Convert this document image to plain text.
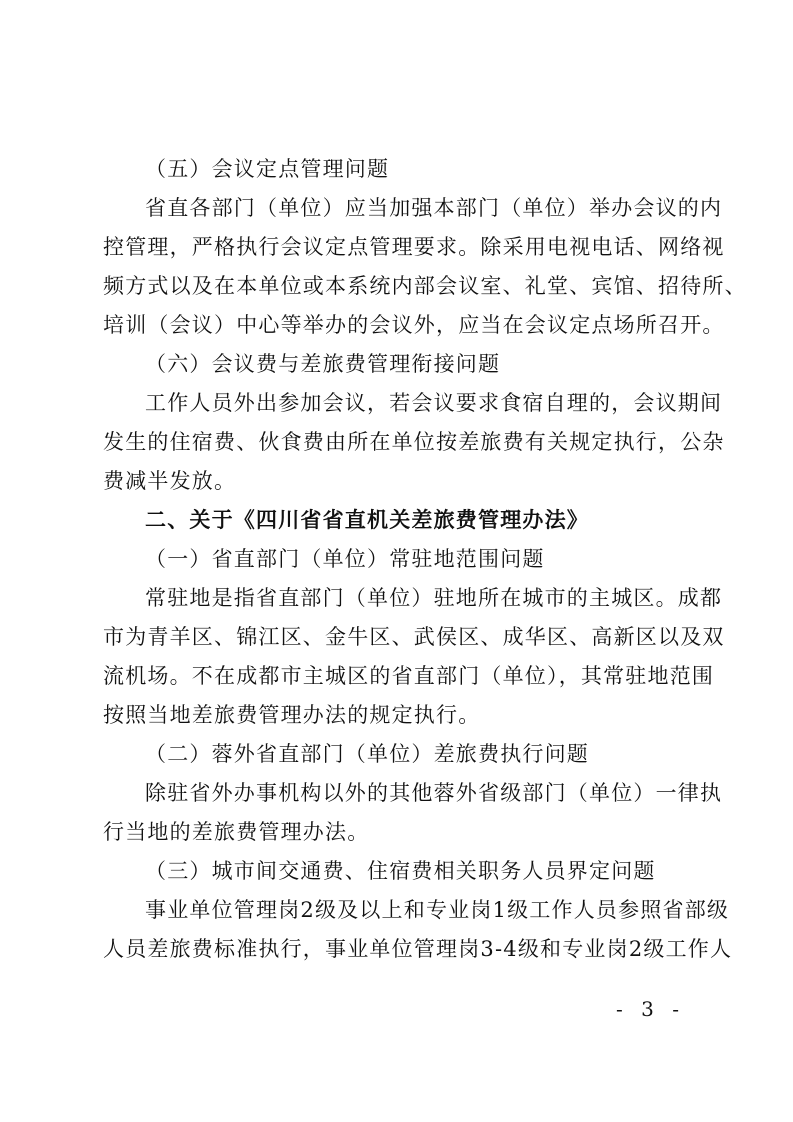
（五）会议定点管理问题
省直各部门（单位）应当加强本部门（单位）举办会议的内
控管理，严格执行会议定点管理要求。除采用电视电话、网络视
频方式以及在本单位或本系统内部会议室、礼堂、宾馆、招待所、
培训（会议）中心等举办的会议外，应当在会议定点场所召开。
（六）会议费与差旅费管理衔接问题
工作人员外出参加会议，若会议要求食宿自理的，会议期间
发生的住宿费、伙食费由所在单位按差旅费有关规定执行，公杂
费减半发放。
二、关于《四川省省直机关差旅费管理办法》
（一）省直部门（单位）常驻地范围问题
常驻地是指省直部门（单位）驻地所在城市的主城区。成都
市为青羊区、锦江区、金牛区、武侯区、成华区、高新区以及双
流机场。不在成都市主城区的省直部门（单位），其常驻地范围
按照当地差旅费管理办法的规定执行。
（二）蓉外省直部门（单位）差旅费执行问题
除驻省外办事机构以外的其他蓉外省级部门（单位）一律执
行当地的差旅费管理办法。
（三）城市间交通费、住宿费相关职务人员界定问题
事业单位管理岗2级及以上和专业岗1级工作人员参照省部级
人员差旅费标准执行，事业单位管理岗3-4级和专业岗2级工作人
- 3 -
